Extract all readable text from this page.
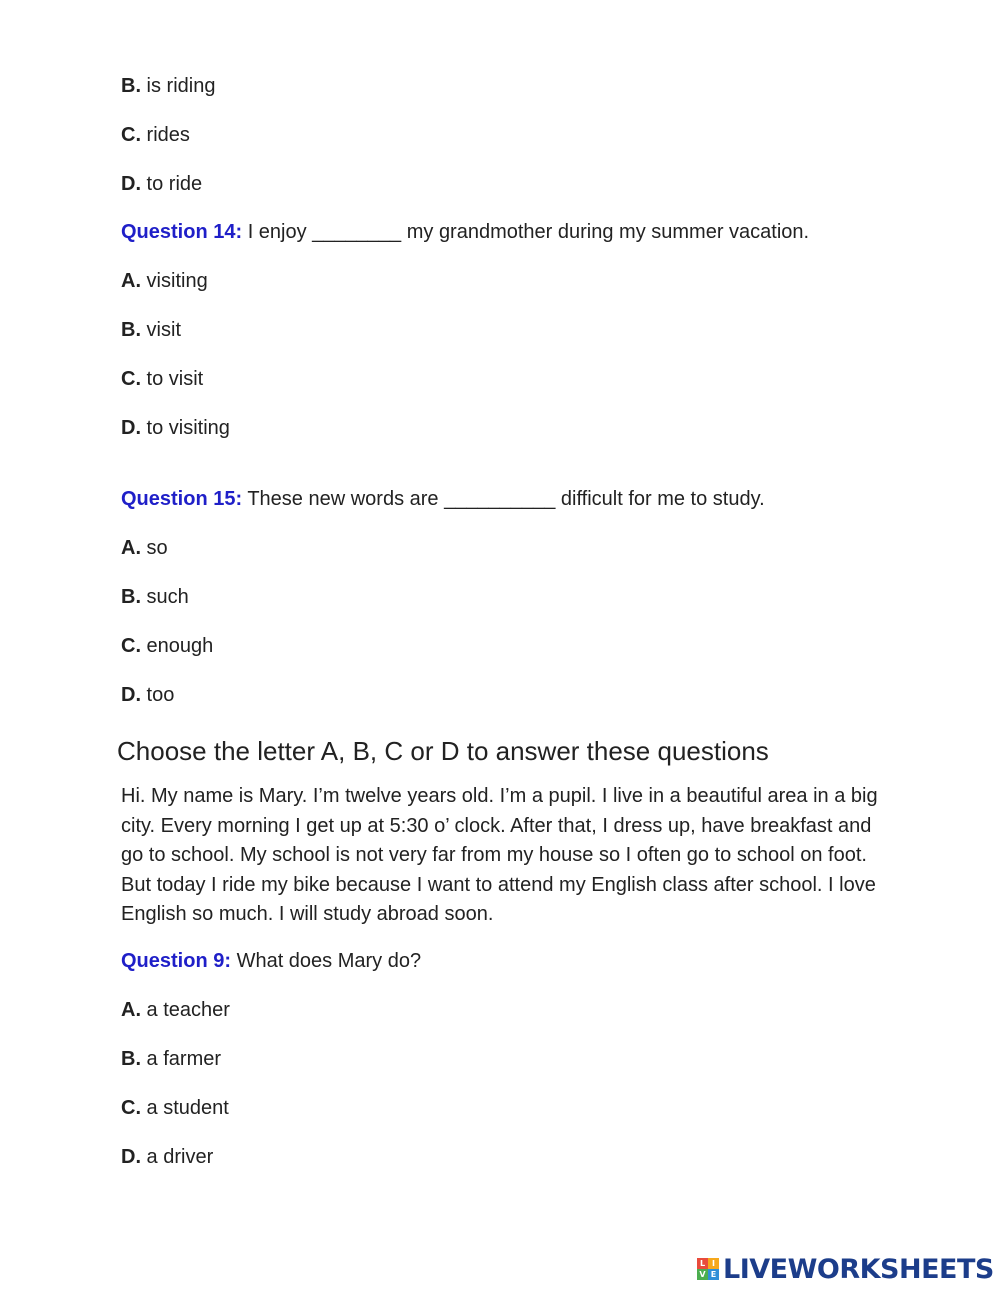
B. is riding
C. rides
D. to ride
Question 14: I enjoy ________ my grandmother during my summer vacation.
A. visiting
B. visit
C. to visit
D. to visiting
Question 15: These new words are __________ difficult for me to study.
A. so
B. such
C. enough
D. too
Choose the letter A, B, C or D to answer these questions
Hi. My name is Mary. I’m twelve years old. I’m a pupil. I live in a beautiful area in a big city. Every morning I get up at 5:30 o’ clock. After that, I dress up, have breakfast and go to school. My school is not very far from my house so I often go to school on foot. But today I ride my bike because I want to attend my English class after school. I love English so much. I will study abroad soon.
Question 9: What does Mary do?
A. a teacher
B. a farmer
C. a student
D. a driver
L I
V E LIVEWORKSHEETS
